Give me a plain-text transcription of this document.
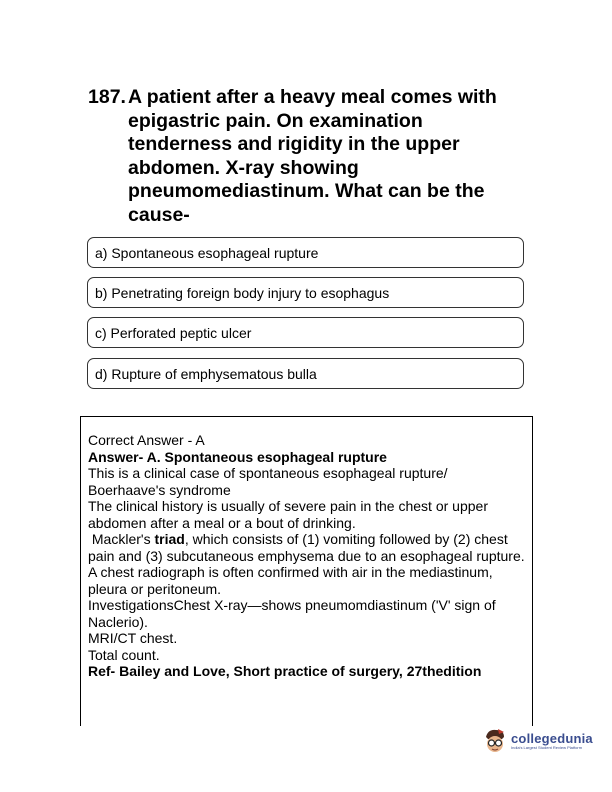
187. A patient after a heavy meal comes with epigastric pain. On examination tenderness and rigidity in the upper abdomen. X-ray showing pneumomediastinum. What can be the cause-
a) Spontaneous esophageal rupture
b) Penetrating foreign body injury to esophagus
c) Perforated peptic ulcer
d) Rupture of emphysematous bulla

Correct Answer - A

Answer- A. Spontaneous esophageal rupture

This is a clinical case of spontaneous esophageal rupture/ Boerhaave's syndrome

The clinical history is usually of severe pain in the chest or upper abdomen after a meal or a bout of drinking.

Mackler's triad, which consists of (1) vomiting followed by (2) chest pain and (3) subcutaneous emphysema due to an esophageal rupture.

A chest radiograph is often confirmed with air in the mediastinum, pleura or peritoneum.

InvestigationsChest X-ray—shows pneumomdiastinum ('V' sign of Naclerio).

MRI/CT chest.

Total count.

Ref- Bailey and Love, Short practice of surgery, 27thedition

collegedunia
India's Largest Student Review Platform
